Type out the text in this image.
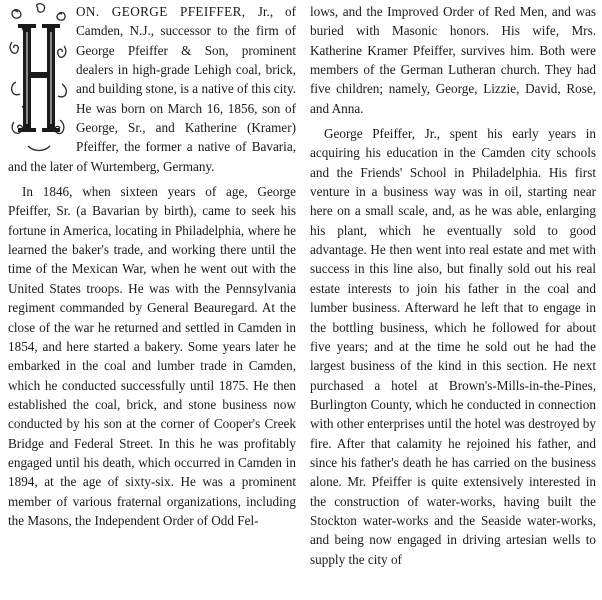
ON. GEORGE PFEIFFER, Jr., of Camden, N.J., successor to the firm of George Pfeiffer & Son, prominent dealers in high-grade Lehigh coal, brick, and building stone, is a native of this city. He was born on March 16, 1856, son of George, Sr., and Katherine (Kramer) Pfeiffer, the former a native of Bavaria, and the later of Wurtemberg, Germany.

In 1846, when sixteen years of age, George Pfeiffer, Sr. (a Bavarian by birth), came to seek his fortune in America, locating in Philadelphia, where he learned the baker's trade, and working there until the time of the Mexican War, when he went out with the United States troops. He was with the Pennsylvania regiment commanded by General Beauregard. At the close of the war he returned and settled in Camden in 1854, and here started a bakery. Some years later he embarked in the coal and lumber trade in Camden, which he conducted successfully until 1875. He then established the coal, brick, and stone business now conducted by his son at the corner of Cooper's Creek Bridge and Federal Street. In this he was profitably engaged until his death, which occurred in Camden in 1894, at the age of sixty-six. He was a prominent member of various fraternal organizations, including the Masons, the Independent Order of Odd Fel-

lows, and the Improved Order of Red Men, and was buried with Masonic honors. His wife, Mrs. Katherine Kramer Pfeiffer, survives him. Both were members of the German Lutheran church. They had five children; namely, George, Lizzie, David, Rose, and Anna.

George Pfeiffer, Jr., spent his early years in acquiring his education in the Camden city schools and the Friends' School in Philadelphia. His first venture in a business way was in oil, starting near here on a small scale, and, as he was able, enlarging his plant, which he eventually sold to good advantage. He then went into real estate and met with success in this line also, but finally sold out his real estate interests to join his father in the coal and lumber business. Afterward he left that to engage in the bottling business, which he followed for about five years; and at the time he sold out he had the largest business of the kind in this section. He next purchased a hotel at Brown's-Mills-in-the-Pines, Burlington County, which he conducted in connection with other enterprises until the hotel was destroyed by fire. After that calamity he rejoined his father, and since his father's death he has carried on the business alone. Mr. Pfeiffer is quite extensively interested in the construction of water-works, having built the Stockton water-works and the Seaside water-works, and being now engaged in driving artesian wells to supply the city of
